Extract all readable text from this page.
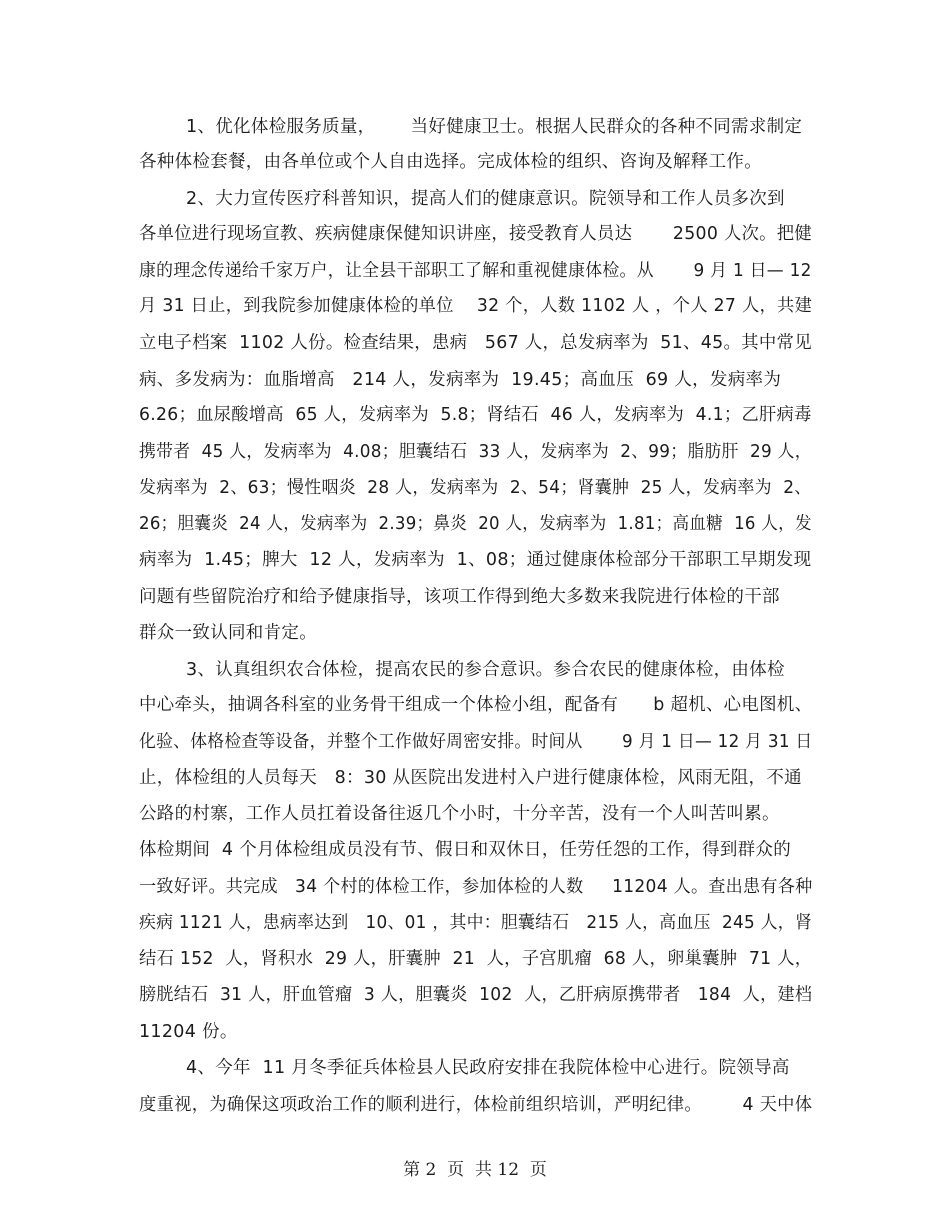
1、优化体检服务质量，      当好健康卫士。根据人民群众的各种不同需求制定
各种体检套餐，由各单位或个人自由选择。完成体检的组织、咨询及解释工作。
2、大力宣传医疗科普知识，提高人们的健康意识。院领导和工作人员多次到
各单位进行现场宣教、疾病健康保健知识讲座，接受教育人员达       2500 人次。把健
康的理念传递给千家万户，让全县干部职工了解和重视健康体检。从       9 月 1 日— 12
月 31 日止，到我院参加健康体检的单位    32 个，人数 1102 人 ，个人 27 人，共建
立电子档案  1102 人份。检查结果，患病   567 人，总发病率为  51、45。其中常见
病、多发病为：血脂增高   214 人，发病率为  19.45；高血压  69 人，发病率为
6.26；血尿酸增高  65 人，发病率为  5.8；肾结石  46 人，发病率为  4.1；乙肝病毒
携带者  45 人，发病率为  4.08；胆囊结石  33 人，发病率为  2、99；脂肪肝  29 人，
发病率为  2、63；慢性咽炎  28 人，发病率为  2、54；肾囊肿  25 人，发病率为  2、
26；胆囊炎  24 人，发病率为  2.39；鼻炎  20 人，发病率为  1.81；高血糖  16 人，发
病率为  1.45；脾大  12 人，发病率为  1、08；通过健康体检部分干部职工早期发现
问题有些留院治疗和给予健康指导，该项工作得到绝大多数来我院进行体检的干部
群众一致认同和肯定。
3、认真组织农合体检，提高农民的参合意识。参合农民的健康体检，由体检
中心牵头，抽调各科室的业务骨干组成一个体检小组，配备有      b 超机、心电图机、
化验、体格检查等设备，并整个工作做好周密安排。时间从       9 月 1 日— 12 月 31 日
止，体检组的人员每天   8：30 从医院出发进村入户进行健康体检，风雨无阻，不通
公路的村寨，工作人员扛着设备往返几个小时，十分辛苦，没有一个人叫苦叫累。
体检期间  4 个月体检组成员没有节、假日和双休日，任劳任怨的工作，得到群众的
一致好评。共完成   34 个村的体检工作，参加体检的人数     11204 人。查出患有各种
疾病 1121 人，患病率达到   10、01 ，其中：胆囊结石   215 人，高血压  245 人，肾
结石 152  人，肾积水  29 人，肝囊肿  21  人，子宫肌瘤  68 人，卵巢囊肿  71 人，
膀胱结石  31 人，肝血管瘤  3 人，胆囊炎  102  人，乙肝病原携带者   184  人，建档
11204 份。
4、今年  11 月冬季征兵体检县人民政府安排在我院体检中心进行。院领导高
度重视，为确保这项政治工作的顺利进行，体检前组织培训，严明纪律。       4 天中体
第 2  页  共 12  页
